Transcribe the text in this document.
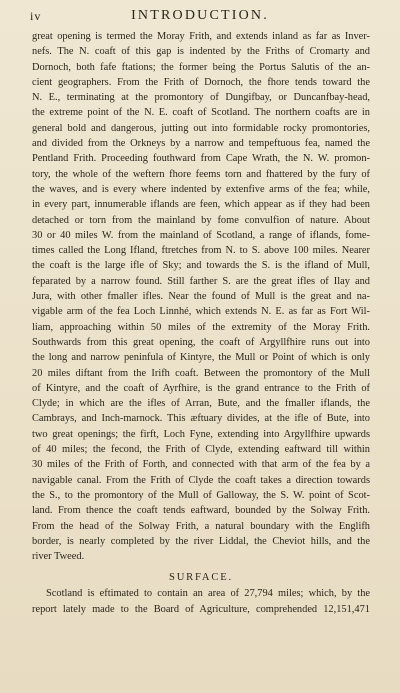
iv	INTRODUCTION.
great opening is termed the Moray Frith, and extends inland as far as Inver-
nefs. The N. coaft of this gap is indented by the Friths of Cromarty and
Dornoch, both fafe ftations; the former being the Portus Salutis of the an-
cient geographers. From the Frith of Dornoch, the fhore tends toward the
N. E., terminating at the promontory of Dungifbay, or Duncanfbay-head,
the extreme point of the N. E. coaft of Scotland. The northern coafts are in
general bold and dangerous, jutting out into formidable rocky promontories,
and divided from the Orkneys by a narrow and tempeftuous fea, named the
Pentland Frith. Proceeding fouthward from Cape Wrath, the N. W. promon-
tory, the whole of the weftern fhore feems torn and fhattered by the fury of
the waves, and is every where indented by extenfive arms of the fea; while,
in every part, innumerable iflands are feen, which appear as if they had been
detached or torn from the mainland by fome convulfion of nature. About
30 or 40 miles W. from the mainland of Scotland, a range of iflands, fome-
times called the Long Ifland, ftretches from N. to S. above 100 miles. Nearer
the coaft is the large ifle of Sky; and towards the S. is the ifland of Mull,
feparated by a narrow found. Still farther S. are the great ifles of Ilay and
Jura, with other fmaller ifles. Near the found of Mull is the great and na-
vigable arm of the fea Loch Linnhé, which extends N. E. as far as Fort Wil-
liam, approaching within 50 miles of the extremity of the Moray Frith.
Southwards from this great opening, the coaft of Argyllfhire runs out into
the long and narrow peninfula of Kintyre, the Mull or Point of which is only
20 miles diftant from the Irifh coaft. Between the promontory of the Mull
of Kintyre, and the coaft of Ayrfhire, is the grand entrance to the Frith of
Clyde; in which are the ifles of Arran, Bute, and the fmaller iflands, the
Cambrays, and Inch-marnock. This æftuary divides, at the ifle of Bute, into
two great openings; the firft, Loch Fyne, extending into Argyllfhire upwards
of 40 miles; the fecond, the Frith of Clyde, extending eaftward till within
30 miles of the Frith of Forth, and connected with that arm of the fea by a
navigable canal. From the Frith of Clyde the coaft takes a direction towards
the S., to the promontory of the Mull of Galloway, the S. W. point of Scot-
land. From thence the coaft tends eaftward, bounded by the Solway Frith.
From the head of the Solway Frith, a natural boundary with the Englifh
border, is nearly completed by the river Liddal, the Cheviot hills, and the
river Tweed.
SURFACE.
Scotland is eftimated to contain an area of 27,794 miles; which, by the
report lately made to the Board of Agriculture, comprehended 12,151,471
